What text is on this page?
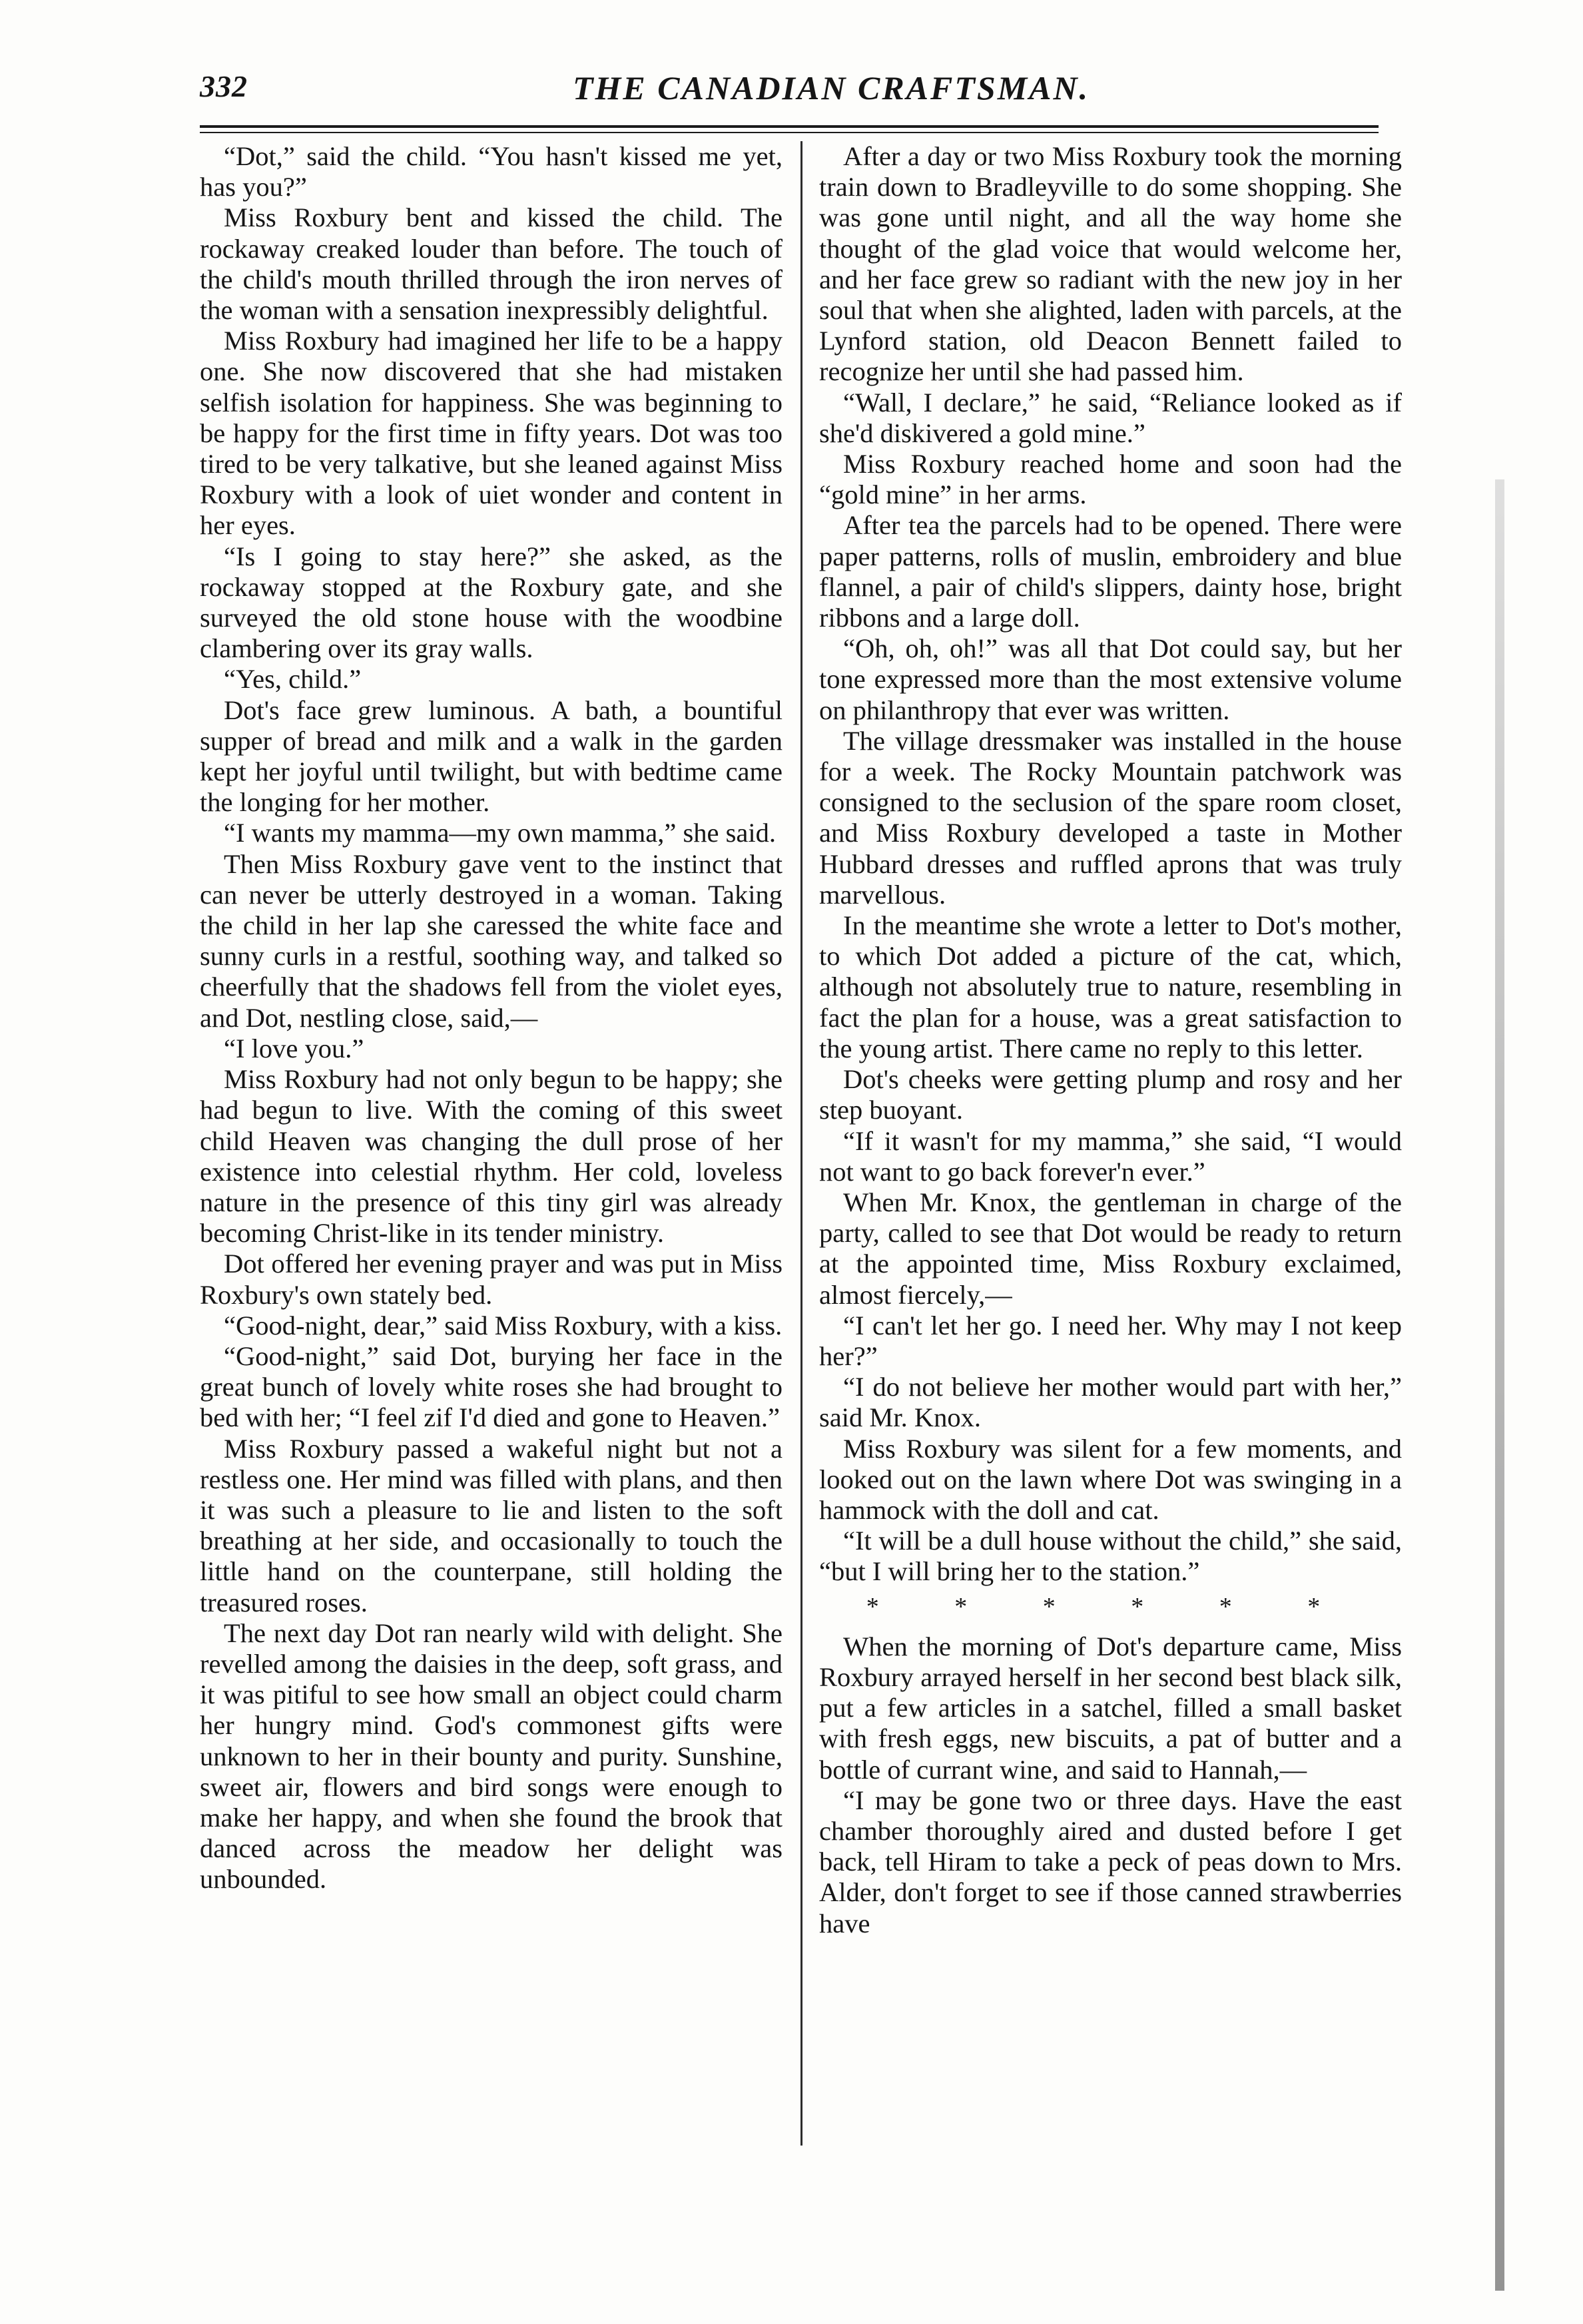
332	THE CANADIAN CRAFTSMAN.

“Dot,” said the child. “You hasn't kissed me yet, has you?”

Miss Roxbury bent and kissed the child. The rockaway creaked louder than before. The touch of the child's mouth thrilled through the iron nerves of the woman with a sensation inexpressibly delightful.

Miss Roxbury had imagined her life to be a happy one. She now discovered that she had mistaken selfish isolation for happiness. She was beginning to be happy for the first time in fifty years. Dot was too tired to be very talkative, but she leaned against Miss Roxbury with a look of uiet wonder and content in her eyes.

“Is I going to stay here?” she asked, as the rockaway stopped at the Roxbury gate, and she surveyed the old stone house with the woodbine clambering over its gray walls.

“Yes, child.”

Dot's face grew luminous. A bath, a bountiful supper of bread and milk and a walk in the garden kept her joyful until twilight, but with bedtime came the longing for her mother.

“I wants my mamma—my own mamma,” she said.

Then Miss Roxbury gave vent to the instinct that can never be utterly destroyed in a woman. Taking the child in her lap she caressed the white face and sunny curls in a restful, soothing way, and talked so cheerfully that the shadows fell from the violet eyes, and Dot, nestling close, said,—

“I love you.”

Miss Roxbury had not only begun to be happy; she had begun to live. With the coming of this sweet child Heaven was changing the dull prose of her existence into celestial rhythm. Her cold, loveless nature in the presence of this tiny girl was already becoming Christ-like in its tender ministry.

Dot offered her evening prayer and was put in Miss Roxbury's own stately bed.

“Good-night, dear,” said Miss Roxbury, with a kiss.

“Good-night,” said Dot, burying her face in the great bunch of lovely white roses she had brought to bed with her; “I feel zif I'd died and gone to Heaven.”

Miss Roxbury passed a wakeful night but not a restless one. Her mind was filled with plans, and then it was such a pleasure to lie and listen to the soft breathing at her side, and occasionally to touch the little hand on the counterpane, still holding the treasured roses.

The next day Dot ran nearly wild with delight. She revelled among the daisies in the deep, soft grass, and it was pitiful to see how small an object could charm her hungry mind. God's commonest gifts were unknown to her in their bounty and purity. Sunshine, sweet air, flowers and bird songs were enough to make her happy, and when she found the brook that danced across the meadow her delight was unbounded.

After a day or two Miss Roxbury took the morning train down to Bradleyville to do some shopping. She was gone until night, and all the way home she thought of the glad voice that would welcome her, and her face grew so radiant with the new joy in her soul that when she alighted, laden with parcels, at the Lynford station, old Deacon Bennett failed to recognize her until she had passed him.

“Wall, I declare,” he said, “Reliance looked as if she'd diskivered a gold mine.”

Miss Roxbury reached home and soon had the “gold mine” in her arms.

After tea the parcels had to be opened. There were paper patterns, rolls of muslin, embroidery and blue flannel, a pair of child's slippers, dainty hose, bright ribbons and a large doll.

“Oh, oh, oh!” was all that Dot could say, but her tone expressed more than the most extensive volume on philanthropy that ever was written.

The village dressmaker was installed in the house for a week. The Rocky Mountain patchwork was consigned to the seclusion of the spare room closet, and Miss Roxbury developed a taste in Mother Hubbard dresses and ruffled aprons that was truly marvellous.

In the meantime she wrote a letter to Dot's mother, to which Dot added a picture of the cat, which, although not absolutely true to nature, resembling in fact the plan for a house, was a great satisfaction to the young artist. There came no reply to this letter.

Dot's cheeks were getting plump and rosy and her step buoyant.

“If it wasn't for my mamma,” she said, “I would not want to go back forever'n ever.”

When Mr. Knox, the gentleman in charge of the party, called to see that Dot would be ready to return at the appointed time, Miss Roxbury exclaimed, almost fiercely,—

“I can't let her go. I need her. Why may I not keep her?”

“I do not believe her mother would part with her,” said Mr. Knox.

Miss Roxbury was silent for a few moments, and looked out on the lawn where Dot was swinging in a hammock with the doll and cat.

“It will be a dull house without the child,” she said, “but I will bring her to the station.”

* * * * * *

When the morning of Dot's departure came, Miss Roxbury arrayed herself in her second best black silk, put a few articles in a satchel, filled a small basket with fresh eggs, new biscuits, a pat of butter and a bottle of currant wine, and said to Hannah,—

“I may be gone two or three days. Have the east chamber thoroughly aired and dusted before I get back, tell Hiram to take a peck of peas down to Mrs. Alder, don't forget to see if those canned strawberries have
